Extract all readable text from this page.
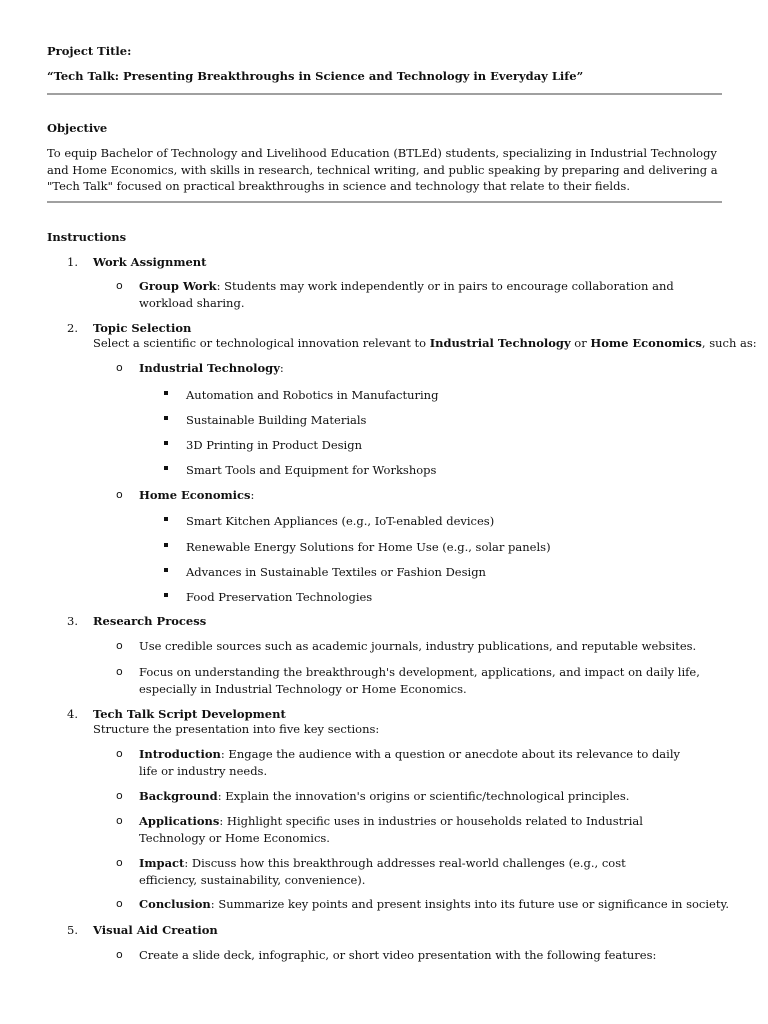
Project Title:
“Tech Talk: Presenting Breakthroughs in Science and Technology in Everyday Life”
Objective
To equip Bachelor of Technology and Livelihood Education (BTLEd) students, specializing in Industrial Technology and Home Economics, with skills in research, technical writing, and public speaking by preparing and delivering a "Tech Talk" focused on practical breakthroughs in science and technology that relate to their fields.
Instructions
1. Work Assignment
o Group Work: Students may work independently or in pairs to encourage collaboration and workload sharing.
2. Topic Selection
Select a scientific or technological innovation relevant to Industrial Technology or Home Economics, such as:
o Industrial Technology:
Automation and Robotics in Manufacturing
Sustainable Building Materials
3D Printing in Product Design
Smart Tools and Equipment for Workshops
o Home Economics:
Smart Kitchen Appliances (e.g., IoT-enabled devices)
Renewable Energy Solutions for Home Use (e.g., solar panels)
Advances in Sustainable Textiles or Fashion Design
Food Preservation Technologies
3. Research Process
o Use credible sources such as academic journals, industry publications, and reputable websites.
o Focus on understanding the breakthrough's development, applications, and impact on daily life, especially in Industrial Technology or Home Economics.
4. Tech Talk Script Development
Structure the presentation into five key sections:
o Introduction: Engage the audience with a question or anecdote about its relevance to daily life or industry needs.
o Background: Explain the innovation's origins or scientific/technological principles.
o Applications: Highlight specific uses in industries or households related to Industrial Technology or Home Economics.
o Impact: Discuss how this breakthrough addresses real-world challenges (e.g., cost efficiency, sustainability, convenience).
o Conclusion: Summarize key points and present insights into its future use or significance in society.
5. Visual Aid Creation
o Create a slide deck, infographic, or short video presentation with the following features:
